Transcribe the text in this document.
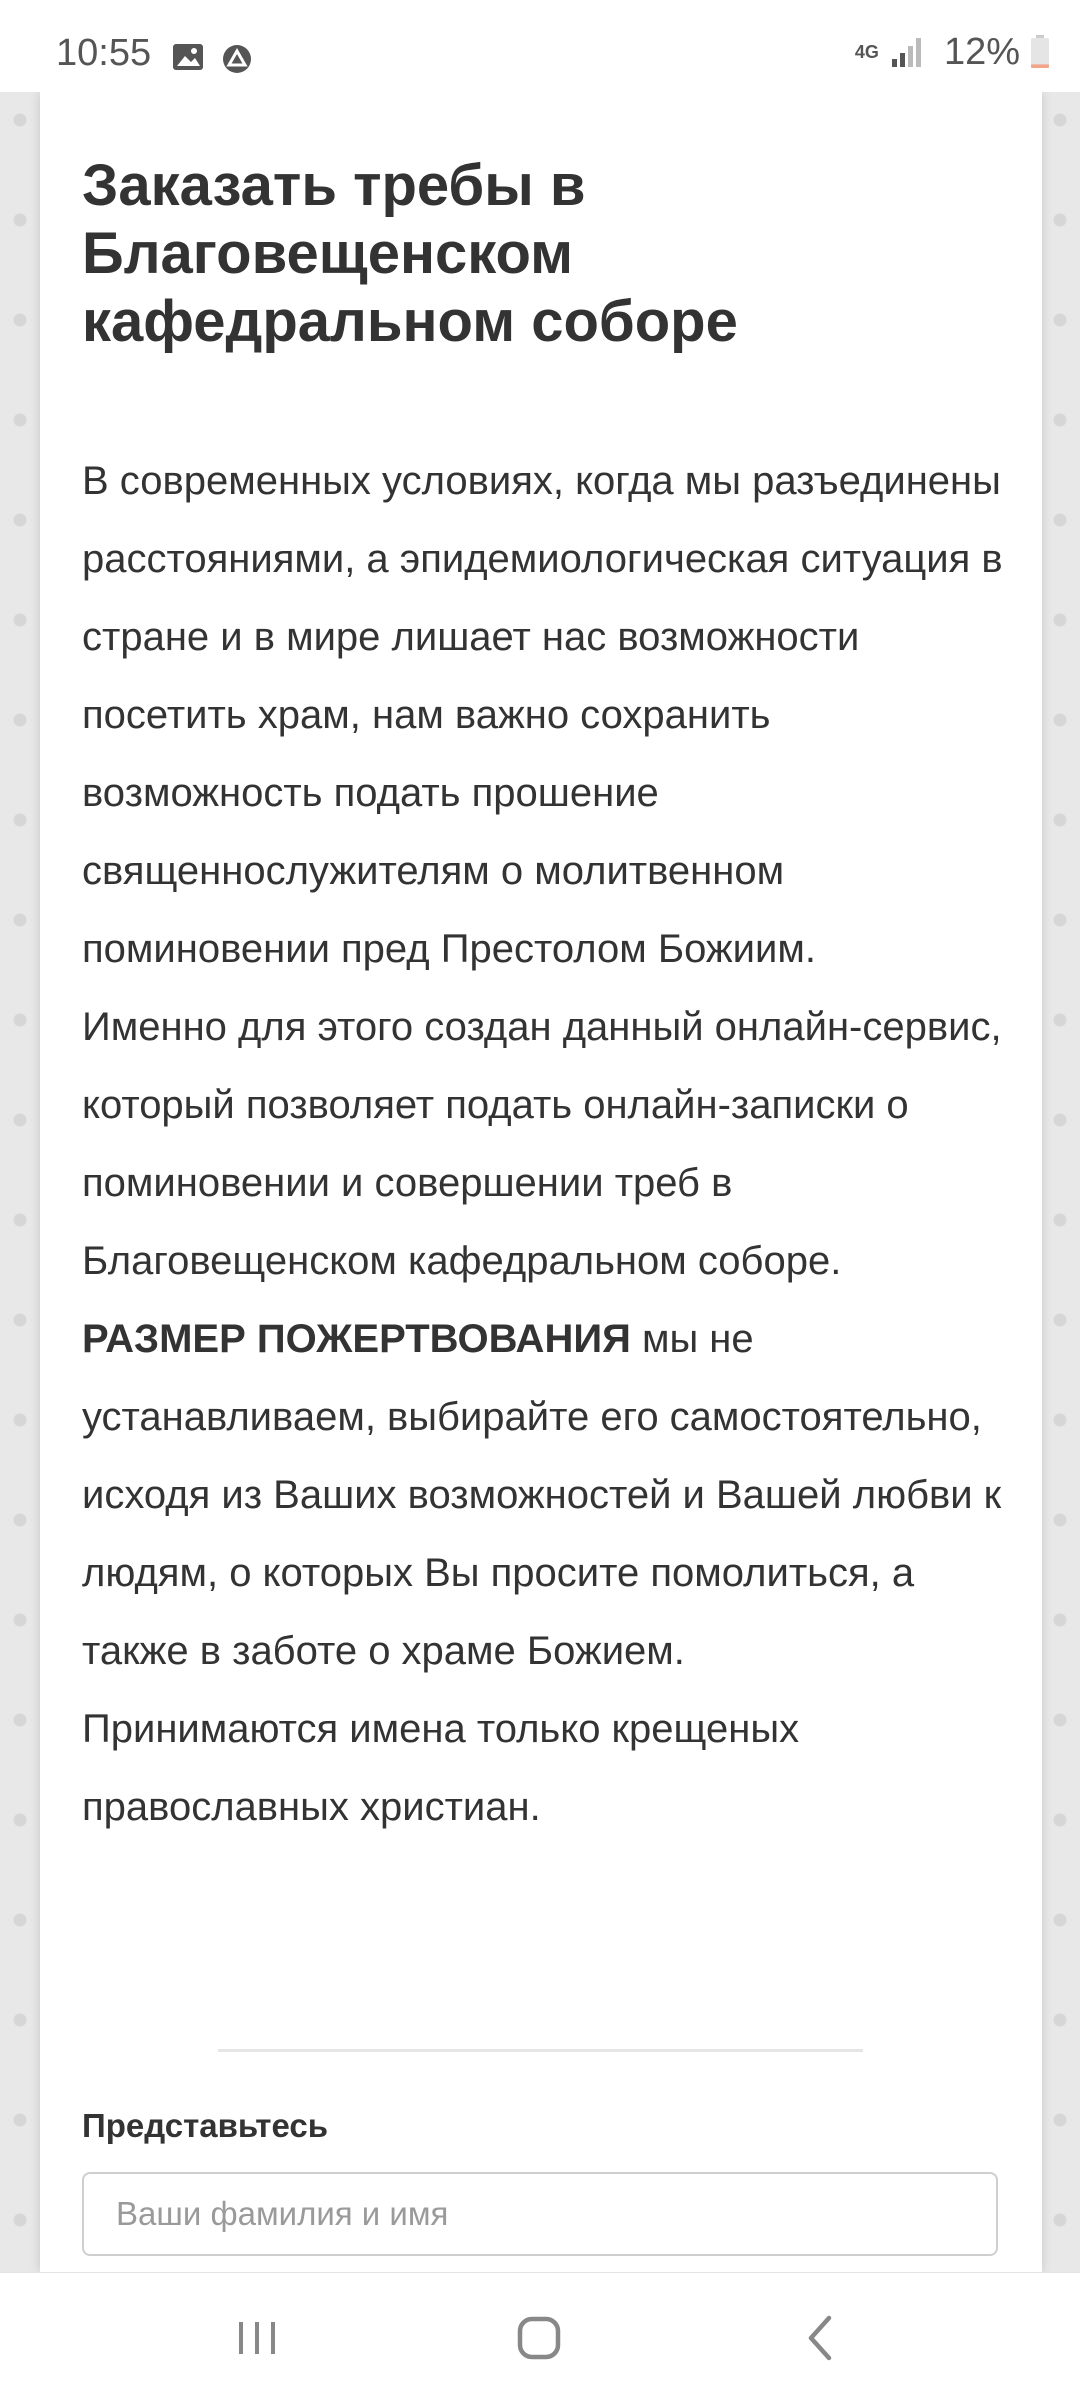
10:55	4G 12%
Заказать требы в Благовещенском кафедральном соборе

В современных условиях, когда мы разъединены расстояниями, а эпидемиологическая ситуация в стране и в мире лишает нас возможности посетить храм, нам важно сохранить возможность подать прошение священнослужителям о молитвенном поминовении пред Престолом Божиим.

Именно для этого создан данный онлайн-сервис, который позволяет подать онлайн-записки о поминовении и совершении треб в Благовещенском кафедральном соборе. РАЗМЕР ПОЖЕРТВОВАНИЯ мы не устанавливаем, выбирайте его самостоятельно, исходя из Ваших возможностей и Вашей любви к людям, о которых Вы просите помолиться, а также в заботе о храме Божием.

Принимаются имена только крещеных православных христиан.

Представьтесь
Ваши фамилия и имя
